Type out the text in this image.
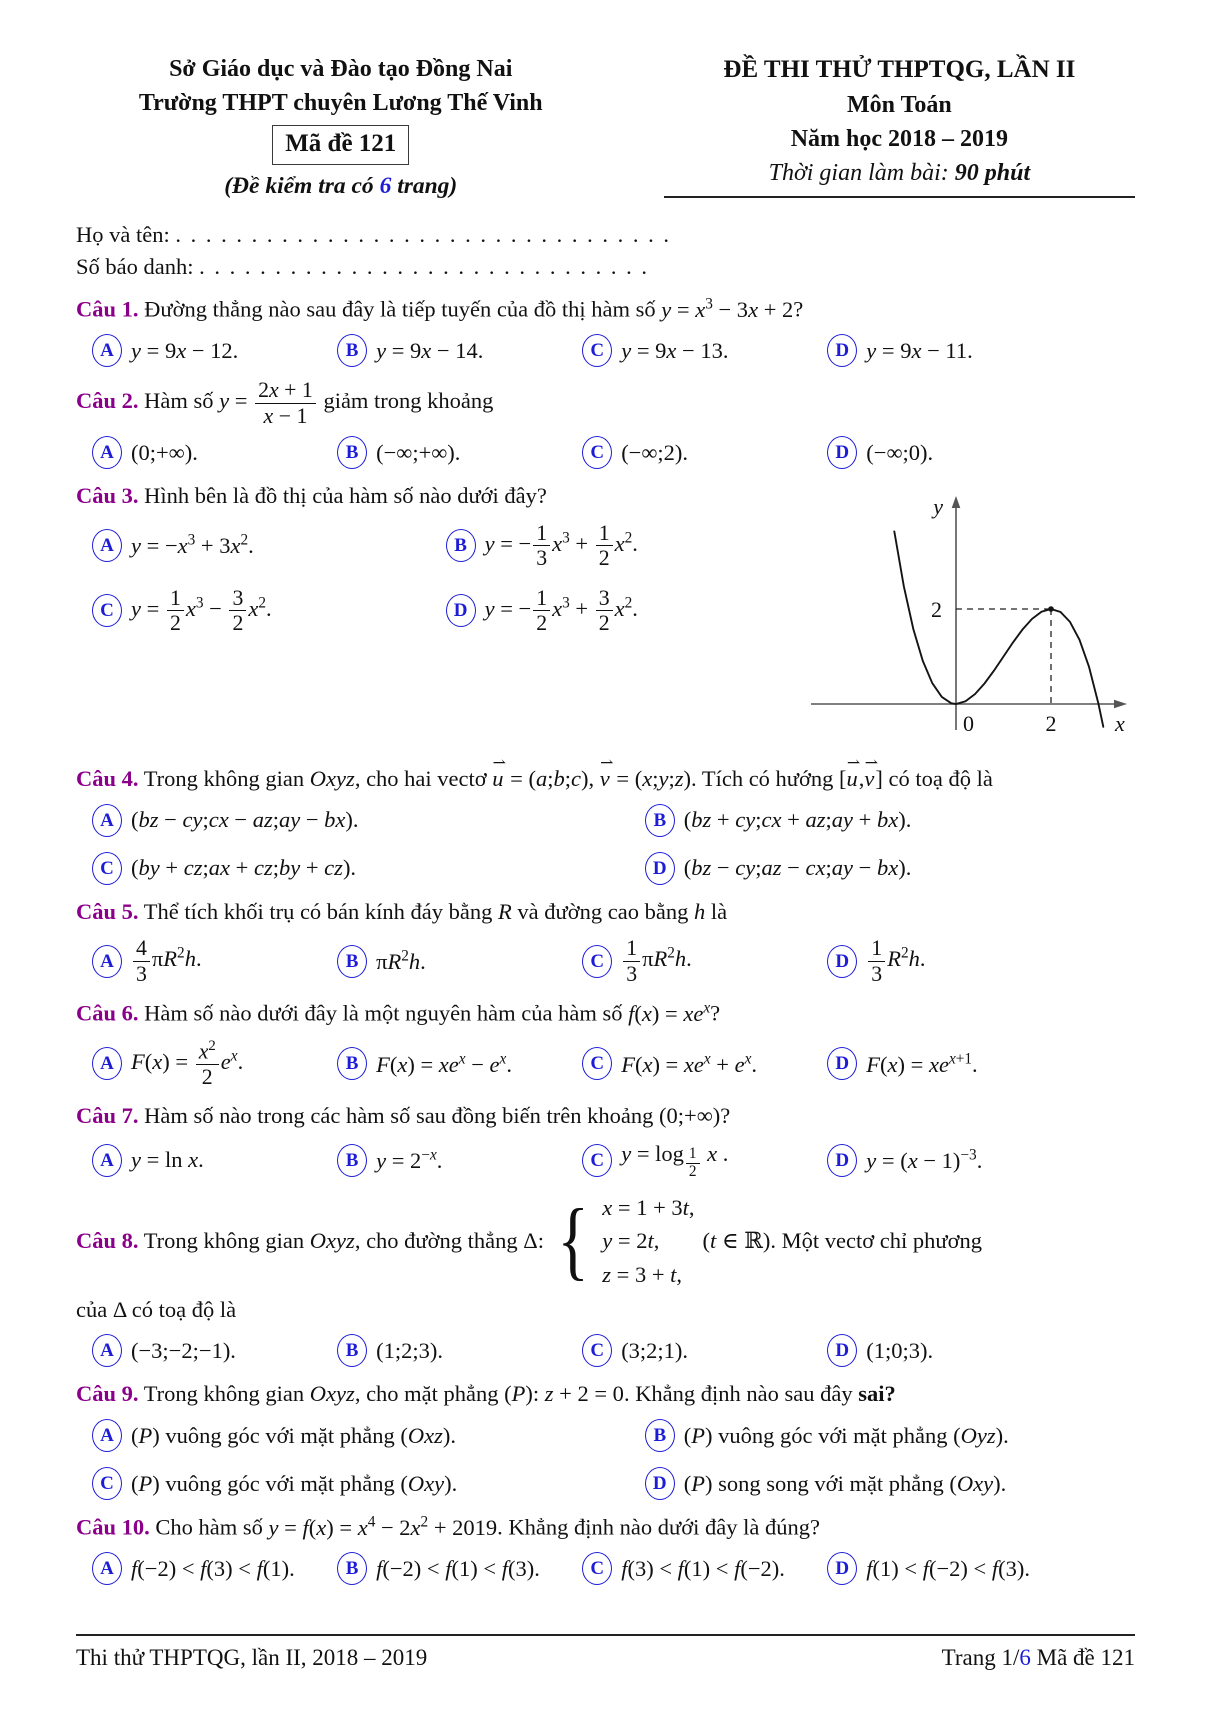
Sở Giáo dục và Đào tạo Đồng Nai
Trường THPT chuyên Lương Thế Vinh
Mã đề 121
(Đề kiểm tra có 6 trang)
ĐỀ THI THỬ THPTQG, LẦN II
Môn Toán
Năm học 2018 – 2019
Thời gian làm bài: 90 phút
Họ và tên: . . . . . . . . . . . . . . . . . . . . . . . . . . . . . . . . .
Số báo danh: . . . . . . . . . . . . . . . . . . . . . . . . . . . . . .

Câu 1. Đường thẳng nào sau đây là tiếp tuyến của đồ thị hàm số $y = x^3 - 3x + 2$?

A y = 9x − 12.	B y = 9x − 14.	C y = 9x − 13.	D y = 9x − 11.

Câu 2. Hàm số $y = \frac{2x + 1}{x - 1}$ giảm trong khoảng

A (0;+∞).	B (−∞;+∞).	C (−∞;2).	D (−∞;0).

Câu 3. Hình bên là đồ thị của hàm số nào dưới đây?

A $y = -x^3 + 3x^2$.	B y = − $\frac{1}{3} x^3 + \frac{1}{2} x^2$.
C $y = \frac{1}{2} x^3 - \frac{3}{2} x^2$.	D y = − $\frac{1}{2} x^3 + \frac{3}{2} x^2$.
y
x
2
0	2

Câu 4. Trong không gian Oxyz, cho hai vectơ u ⇀ = (a;b;c), v ⇀ = (x;y;z). Tích có hướng [u ⇀,v ⇀] có toạ độ là

A (bz − cy;cx − az;ay − bx).	B (bz + cy;cx + az;ay + bx).
C (by + cz;ax + cz;by + cz).	D (bz − cy;az − cx;ay − bx).

Câu 5. Thể tích khối trụ có bán kính đáy bằng R và đường cao bằng h là

A $\frac{4}{3} \pi R^2h$.	B $\pi R^2h$.	C $\frac{1}{3} \pi R^2h$.	D $\frac{1}{3} R^2h$.

Câu 6. Hàm số nào dưới đây là một nguyên hàm của hàm số $f(x) = xe^x$?

A $F(x) = \frac{x^2}{2} e^x$.	B $F(x) = xe^x - e^x$.	C $F(x) = xe^x + e^x$.	D $F(x) = xe^{x+1}$.

Câu 7. Hàm số nào trong các hàm số sau đồng biến trên khoảng (0;+∞)?

A y = ln x.	B $y = 2^{-x}$.	C y = log $_{\frac{1}{2}}$ x .	D $y = (x - 1)^{-3}$.
Câu 8. Trong không gian Oxyz, cho đường thẳng Δ: { x = 1 + 3t,
y = 2t,
z = 3 + t,
(t ∈ ℝ). Một vectơ chỉ phương

của Δ có toạ độ là

A (−3;−2;−1).	B (1;2;3).	C (3;2;1).	D (1;0;3).

Câu 9. Trong không gian Oxyz, cho mặt phẳng (P): z + 2 = 0. Khẳng định nào sau đây sai?

A (P) vuông góc với mặt phẳng (Oxz).	B (P) vuông góc với mặt phẳng (Oyz).
C (P) vuông góc với mặt phẳng (Oxy).	D (P) song song với mặt phẳng (Oxy).

Câu 10. Cho hàm số $y = f(x) = x^4 - 2x^2 + 2019$. Khẳng định nào dưới đây là đúng?

A f(−2) < f(3) < f(1).	B f(−2) < f(1) < f(3).	C f(3) < f(1) < f(−2).	D f(1) < f(−2) < f(3).
Thi thử THPTQG, lần II, 2018 – 2019	Trang 1/6 Mã đề 121
